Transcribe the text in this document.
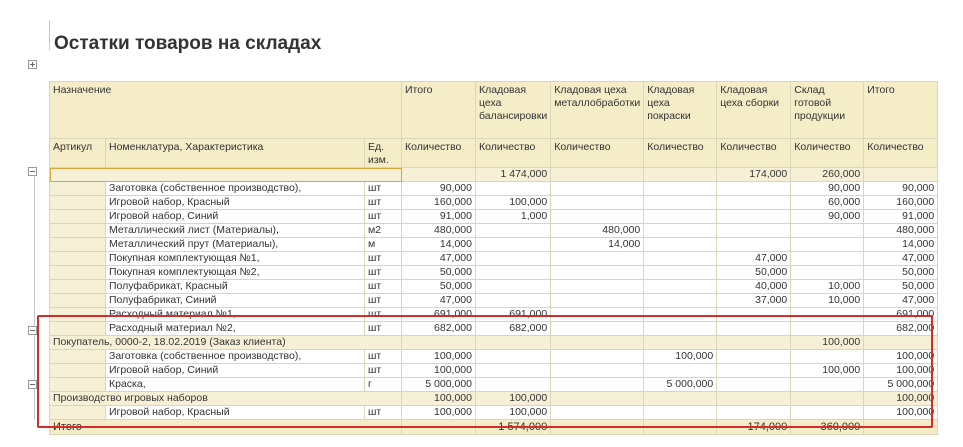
Остатки товаров на складах
Назначение			Итого	Кладовая цеха балансировки	Кладовая цеха металлобработки	Кладовая цеха покраски	Кладовая цеха сборки	Склад готовой продукции	Итого
Артикул	Номенклатура, Характеристика	Ед. изм.	Количество	Количество	Количество	Количество	Количество	Количество	Количество
				1 474,000			174,000	260,000	
	Заготовка (собственное производство),	шт	90,000					90,000	90,000
	Игровой набор, Красный	шт	160,000	100,000				60,000	160,000
	Игровой набор, Синий	шт	91,000	1,000				90,000	91,000
	Металлический лист (Материалы),	м2	480,000		480,000				480,000
	Металлический прут (Материалы),	м	14,000		14,000				14,000
	Покупная комплектующая №1,	шт	47,000				47,000		47,000
	Покупная комплектующая №2,	шт	50,000				50,000		50,000
	Полуфабрикат, Красный	шт	50,000				40,000	10,000	50,000
	Полуфабрикат, Синий	шт	47,000				37,000	10,000	47,000
	Расходный материал №1,	шт	691,000	691,000					691,000
	Расходный материал №2,	шт	682,000	682,000					682,000
Покупатель, 0000-2, 18.02.2019 (Заказ клиента)								100,000	
	Заготовка (собственное производство),	шт	100,000			100,000			100,000
	Игровой набор, Синий	шт	100,000					100,000	100,000
	Краска,	г	5 000,000			5 000,000			5 000,000
Производство игровых наборов			100,000	100,000					100,000
	Игровой набор, Красный	шт	100,000	100,000					100,000
Итого				1 574,000			174,000	360,000	
